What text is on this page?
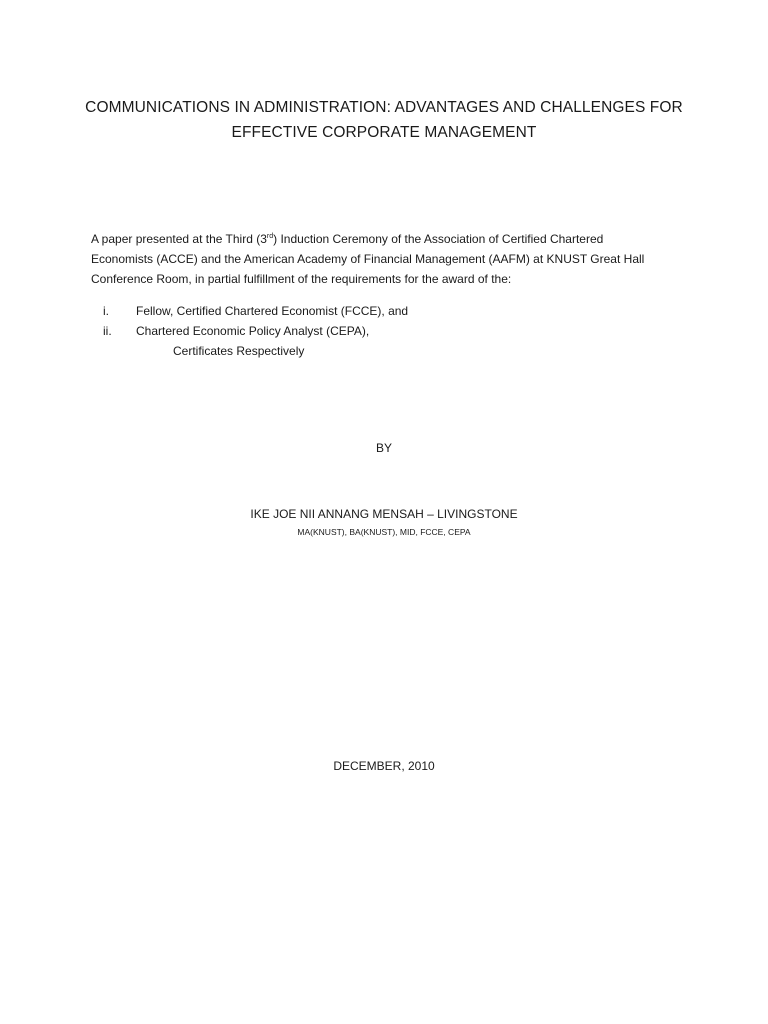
COMMUNICATIONS IN ADMINISTRATION: ADVANTAGES AND CHALLENGES FOR
EFFECTIVE CORPORATE MANAGEMENT
A paper presented at the Third (3rd) Induction Ceremony of the Association of Certified Chartered
Economists (ACCE) and the American Academy of Financial Management (AAFM) at KNUST Great Hall
Conference Room, in partial fulfillment of the requirements for the award of the:
i. Fellow, Certified Chartered Economist (FCCE), and
ii. Chartered Economic Policy Analyst (CEPA),
Certificates Respectively
BY
IKE JOE NII ANNANG MENSAH – LIVINGSTONE
MA(KNUST), BA(KNUST), MID, FCCE, CEPA
DECEMBER, 2010
